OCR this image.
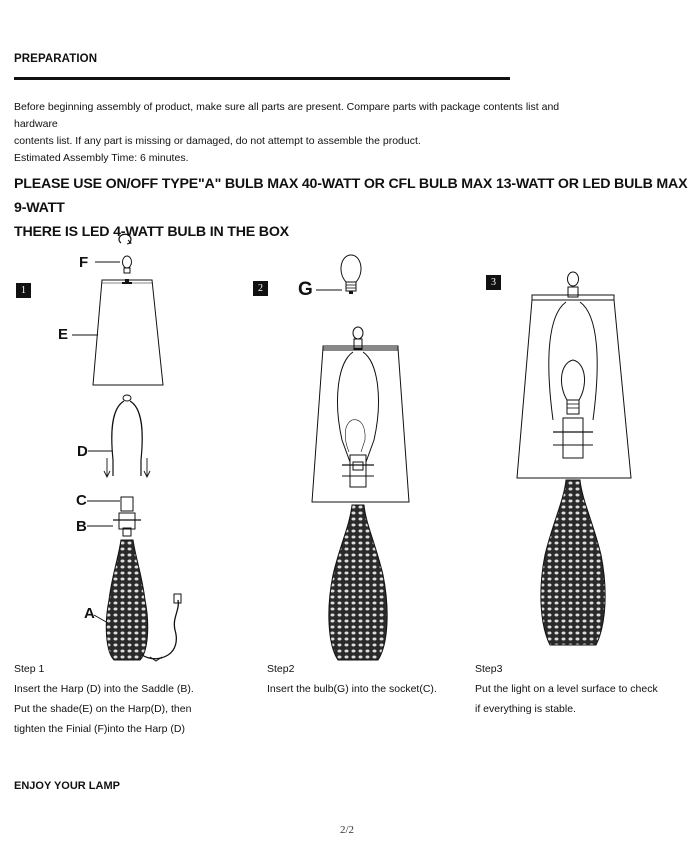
PREPARATION
Before beginning assembly of product, make sure all parts are present. Compare parts with package contents list and hardware
contents list. If any part is missing or damaged, do not attempt to assemble the product.
Estimated Assembly Time: 6 minutes.
PLEASE USE ON/OFF TYPE"A" BULB MAX 40-WATT OR CFL BULB MAX 13-WATT OR LED BULB MAX 9-WATT
THERE IS LED 4-WATT BULB IN THE BOX
F
E
D
C
B
A
G
1	2
3
Step 1
Insert the Harp (D) into the Saddle (B).
Put the shade(E) on the Harp(D), then
tighten the Finial (F)into the Harp (D)
Step2
Insert the bulb(G) into the socket(C).
Step3
Put the light on a level surface to check
if everything is stable.
ENJOY YOUR LAMP
2/2
